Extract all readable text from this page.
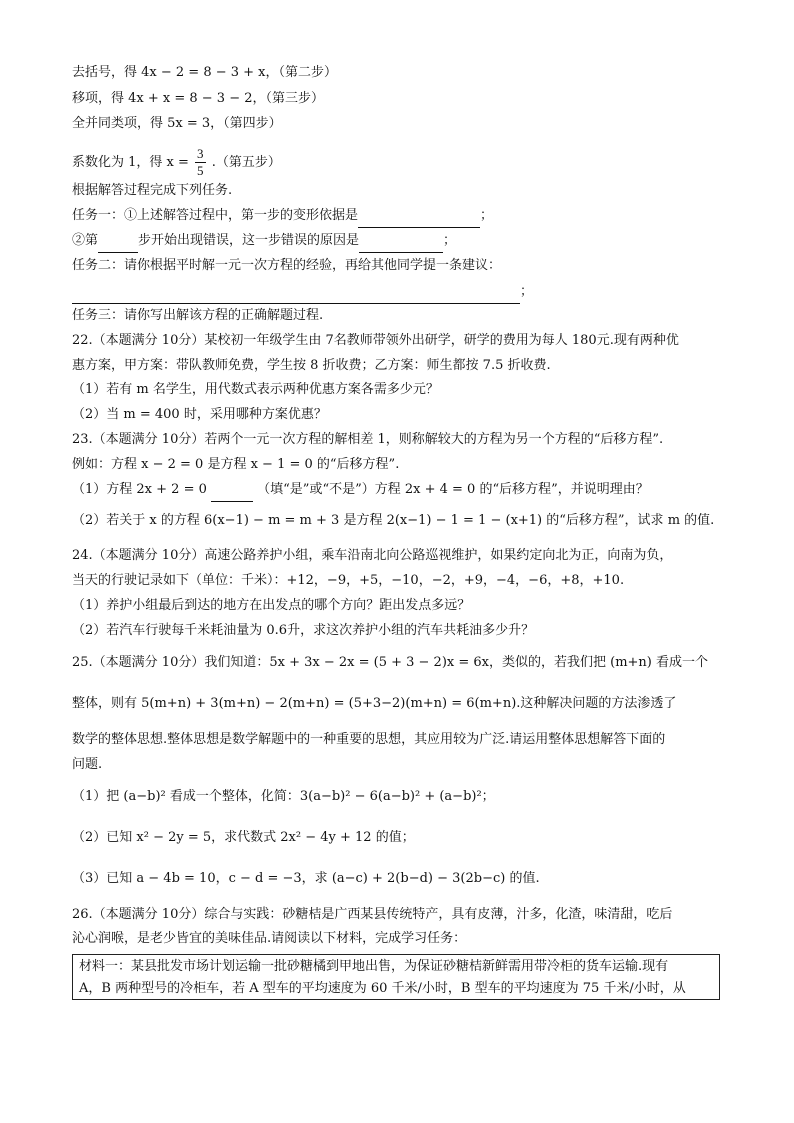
去括号，得 4x − 2 = 8 − 3 + x，（第二步）
移项，得 4x + x = 8 − 3 − 2，（第三步）
全并同类项，得 5x = 3，（第四步）
系数化为 1，得 $x = \frac{3}{5}$ .（第五步）
根据解答过程完成下列任务.
任务一：①上述解答过程中，第一步的变形依据是	；
②第	步开始出现错误，这一步错误的原因是	；
任务二：请你根据平时解一元一次方程的经验，再给其他同学提一条建议：
；
任务三：请你写出解该方程的正确解题过程.
22.（本题满分 10分）某校初一年级学生由 7名教师带领外出研学，研学的费用为每人 180元.现有两种优
惠方案，甲方案：带队教师免费，学生按 8 折收费；乙方案：师生都按 7.5 折收费.
（1）若有 m 名学生，用代数式表示两种优惠方案各需多少元？
（2）当 m = 400 时，采用哪种方案优惠？
23.（本题满分 10分）若两个一元一次方程的解相差 1，则称解较大的方程为另一个方程的“后移方程”.
例如：方程 x − 2 = 0 是方程 x − 1 = 0 的“后移方程”.
（1）方程 2x + 2 = 0	（填“是”或“不是”）方程 2x + 4 = 0 的“后移方程”，并说明理由？
（2）若关于 x 的方程 6(x−1) − m = m + 3 是方程 2(x−1) − 1 = 1 − (x+1) 的“后移方程”，试求 m 的值.
24.（本题满分 10分）高速公路养护小组，乘车沿南北向公路巡视维护，如果约定向北为正，向南为负，
当天的行驶记录如下（单位：千米）：+12，−9，+5，−10，−2，+9，−4，−6，+8，+10.
（1）养护小组最后到达的地方在出发点的哪个方向？距出发点多远？
（2）若汽车行驶每千米耗油量为 0.6升，求这次养护小组的汽车共耗油多少升？
25.（本题满分 10分）我们知道：5x + 3x − 2x = (5 + 3 − 2)x = 6x，类似的，若我们把 (m+n) 看成一个
整体，则有 5(m+n) + 3(m+n) − 2(m+n) = (5+3−2)(m+n) = 6(m+n).这种解决问题的方法渗透了
数学的整体思想.整体思想是数学解题中的一种重要的思想，其应用较为广泛.请运用整体思想解答下面的
问题.
（1）把 (a−b)² 看成一个整体，化简：3(a−b)² − 6(a−b)² + (a−b)²；
（2）已知 x² − 2y = 5，求代数式 2x² − 4y + 12 的值；
（3）已知 a − 4b = 10，c − d = −3，求 (a−c) + 2(b−d) − 3(2b−c) 的值.
26.（本题满分 10分）综合与实践：砂糖桔是广西某县传统特产，具有皮薄，汁多，化渣，味清甜，吃后
沁心润喉，是老少皆宜的美味佳品.请阅读以下材料，完成学习任务：
材料一：某县批发市场计划运输一批砂糖橘到甲地出售，为保证砂糖桔新鲜需用带冷柜的货车运输.现有
A，B 两种型号的冷柜车，若 A 型车的平均速度为 60 千米/小时，B 型车的平均速度为 75 千米/小时，从
